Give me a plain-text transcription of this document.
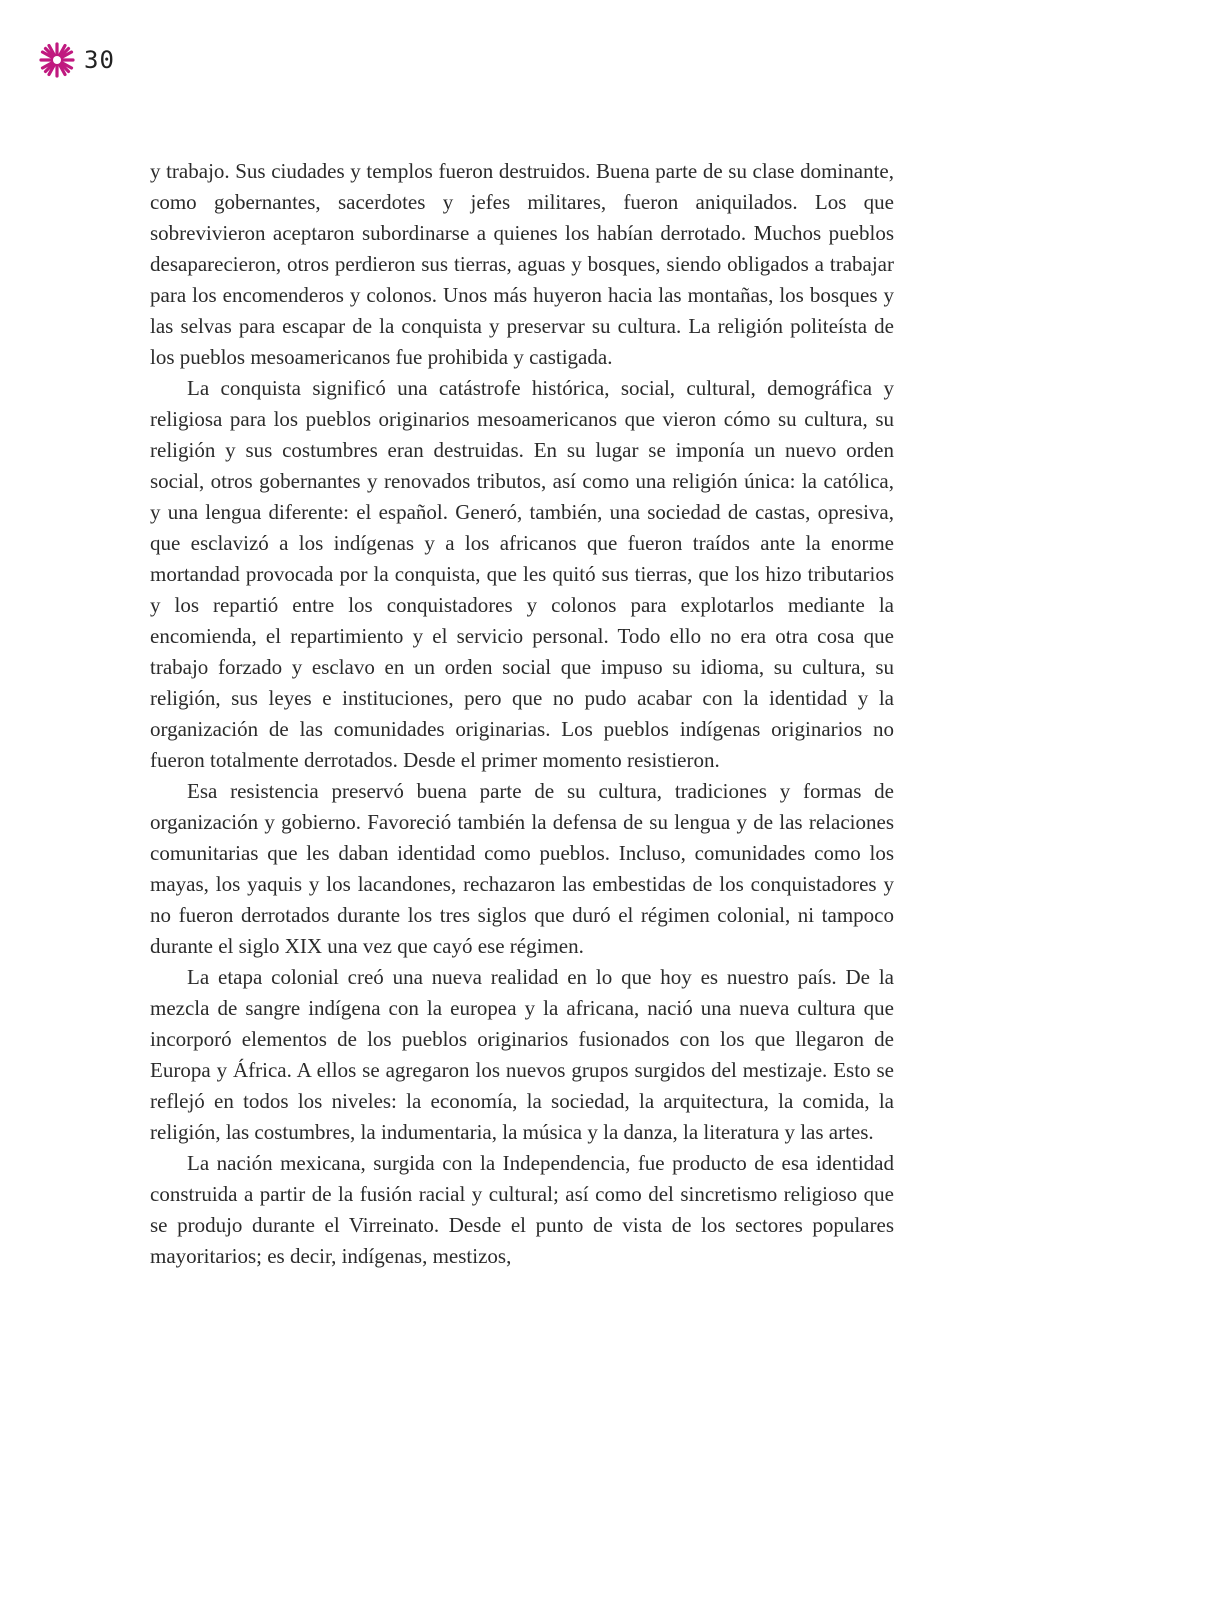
30

y trabajo. Sus ciudades y templos fueron destruidos. Buena parte de su clase dominante, como gobernantes, sacerdotes y jefes militares, fueron aniquilados. Los que sobrevivieron aceptaron subordinarse a quienes los habían derrotado. Muchos pueblos desaparecieron, otros perdieron sus tierras, aguas y bosques, siendo obligados a trabajar para los encomenderos y colonos. Unos más huyeron hacia las montañas, los bosques y las selvas para escapar de la conquista y preservar su cultura. La religión politeísta de los pueblos mesoamericanos fue prohibida y castigada.

La conquista significó una catástrofe histórica, social, cultural, demográfica y religiosa para los pueblos originarios mesoamericanos que vieron cómo su cultura, su religión y sus costumbres eran destruidas. En su lugar se imponía un nuevo orden social, otros gobernantes y renovados tributos, así como una religión única: la católica, y una lengua diferente: el español. Generó, también, una sociedad de castas, opresiva, que esclavizó a los indígenas y a los africanos que fueron traídos ante la enorme mortandad provocada por la conquista, que les quitó sus tierras, que los hizo tributarios y los repartió entre los conquistadores y colonos para explotarlos mediante la encomienda, el repartimiento y el servicio personal. Todo ello no era otra cosa que trabajo forzado y esclavo en un orden social que impuso su idioma, su cultura, su religión, sus leyes e instituciones, pero que no pudo acabar con la identidad y la organización de las comunidades originarias. Los pueblos indígenas originarios no fueron totalmente derrotados. Desde el primer momento resistieron.

Esa resistencia preservó buena parte de su cultura, tradiciones y formas de organización y gobierno. Favoreció también la defensa de su lengua y de las relaciones comunitarias que les daban identidad como pueblos. Incluso, comunidades como los mayas, los yaquis y los lacandones, rechazaron las embestidas de los conquistadores y no fueron derrotados durante los tres siglos que duró el régimen colonial, ni tampoco durante el siglo XIX una vez que cayó ese régimen.

La etapa colonial creó una nueva realidad en lo que hoy es nuestro país. De la mezcla de sangre indígena con la europea y la africana, nació una nueva cultura que incorporó elementos de los pueblos originarios fusionados con los que llegaron de Europa y África. A ellos se agregaron los nuevos grupos surgidos del mestizaje. Esto se reflejó en todos los niveles: la economía, la sociedad, la arquitectura, la comida, la religión, las costumbres, la indumentaria, la música y la danza, la literatura y las artes.

La nación mexicana, surgida con la Independencia, fue producto de esa identidad construida a partir de la fusión racial y cultural; así como del sincretismo religioso que se produjo durante el Virreinato. Desde el punto de vista de los sectores populares mayoritarios; es decir, indígenas, mestizos,
